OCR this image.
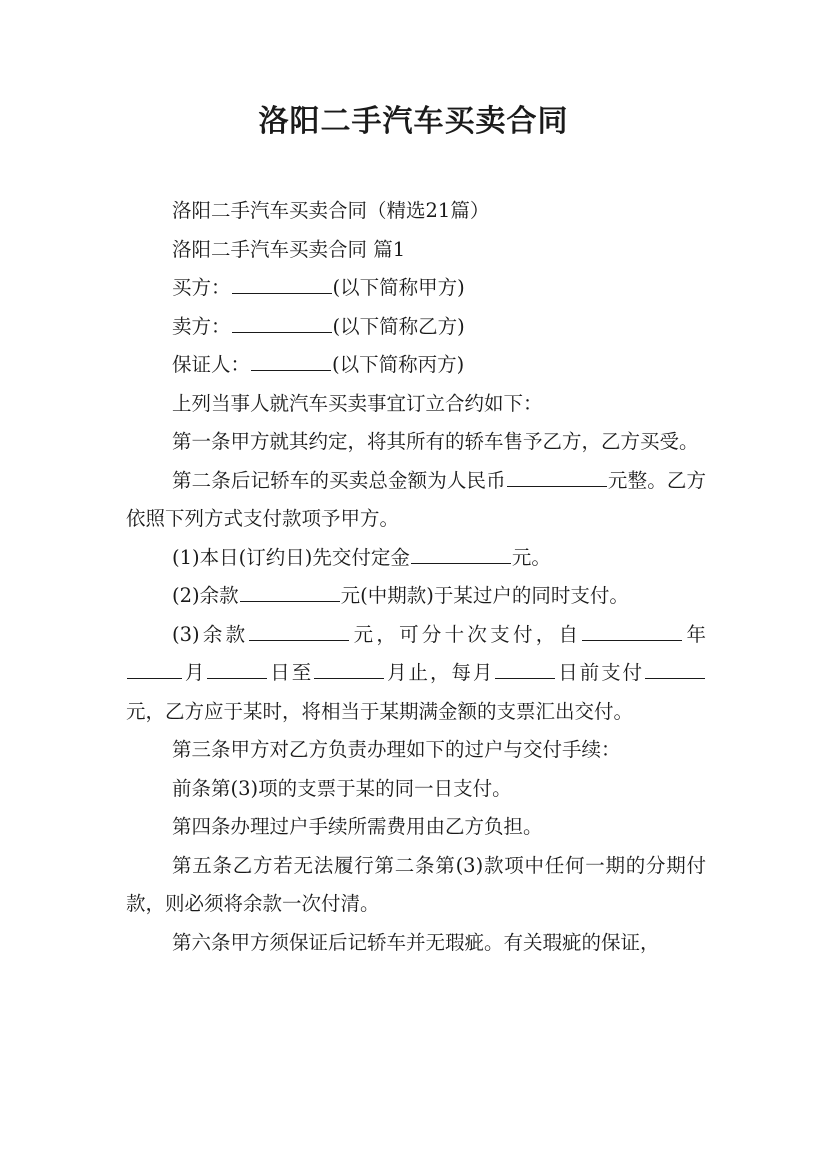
洛阳二手汽车买卖合同

洛阳二手汽车买卖合同（精选21篇）

洛阳二手汽车买卖合同 篇1

买方：	(以下简称甲方)

卖方：	(以下简称乙方)

保证人：	(以下简称丙方)

上列当事人就汽车买卖事宜订立合约如下：

第一条甲方就其约定，将其所有的轿车售予乙方，乙方买受。

第二条后记轿车的买卖总金额为人民币	元整。乙方依照下列方式支付款项予甲方。

(1)本日(订约日)先交付定金	元。

(2)余款	元(中期款)于某过户的同时支付。

(3)余款	元，可分十次支付，自	年月	日至	月止，每月	日前支付元，乙方应于某时，将相当于某期满金额的支票汇出交付。

第三条甲方对乙方负责办理如下的过户与交付手续：

前条第(3)项的支票于某的同一日支付。

第四条办理过户手续所需费用由乙方负担。

第五条乙方若无法履行第二条第(3)款项中任何一期的分期付款，则必须将余款一次付清。

第六条甲方须保证后记轿车并无瑕疵。有关瑕疵的保证，
